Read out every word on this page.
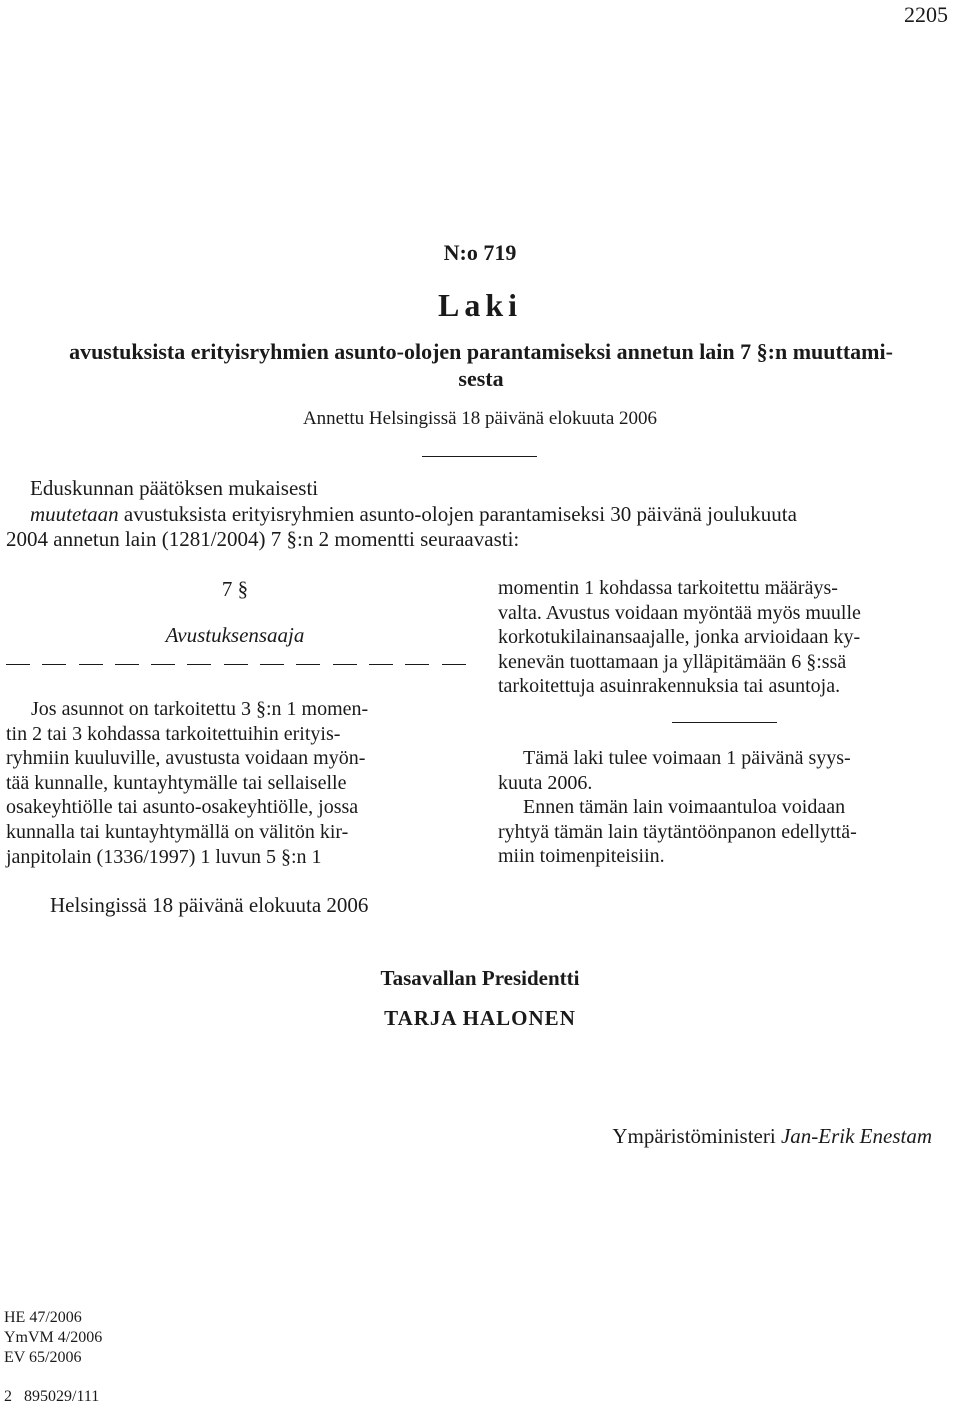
2205
N:o 719
Laki
avustuksista erityisryhmien asunto-olojen parantamiseksi annetun lain 7 §:n muuttami-
sesta
Annettu Helsingissä 18 päivänä elokuuta 2006

Eduskunnan päätöksen mukaisesti

muutetaan avustuksista erityisryhmien asunto-olojen parantamiseksi 30 päivänä joulukuuta

2004 annetun lain (1281/2004) 7 §:n 2 momentti seuraavasti:
7 §
Avustuksensaaja
Jos asunnot on tarkoitettu 3 §:n 1 momen-
tin 2 tai 3 kohdassa tarkoitettuihin erityis-
ryhmiin kuuluville, avustusta voidaan myön-
tää kunnalle, kuntayhtymälle tai sellaiselle
osakeyhtiölle tai asunto-osakeyhtiölle, jossa
kunnalla tai kuntayhtymällä on välitön kir-
janpitolain (1336/1997) 1 luvun 5 §:n 1
momentin 1 kohdassa tarkoitettu määräys-
valta. Avustus voidaan myöntää myös muulle
korkotukilainansaajalle, jonka arvioidaan ky-
kenevän tuottamaan ja ylläpitämään 6 §:ssä
tarkoitettuja asuinrakennuksia tai asuntoja.
Tämä laki tulee voimaan 1 päivänä syys-
kuuta 2006.
Ennen tämän lain voimaantuloa voidaan
ryhtyä tämän lain täytäntöönpanon edellyttä-
miin toimenpiteisiin.
Helsingissä 18 päivänä elokuuta 2006
Tasavallan Presidentti
TARJA HALONEN
Ympäristöministeri Jan-Erik Enestam
HE 47/2006
YmVM 4/2006
EV 65/2006
2   895029/111
